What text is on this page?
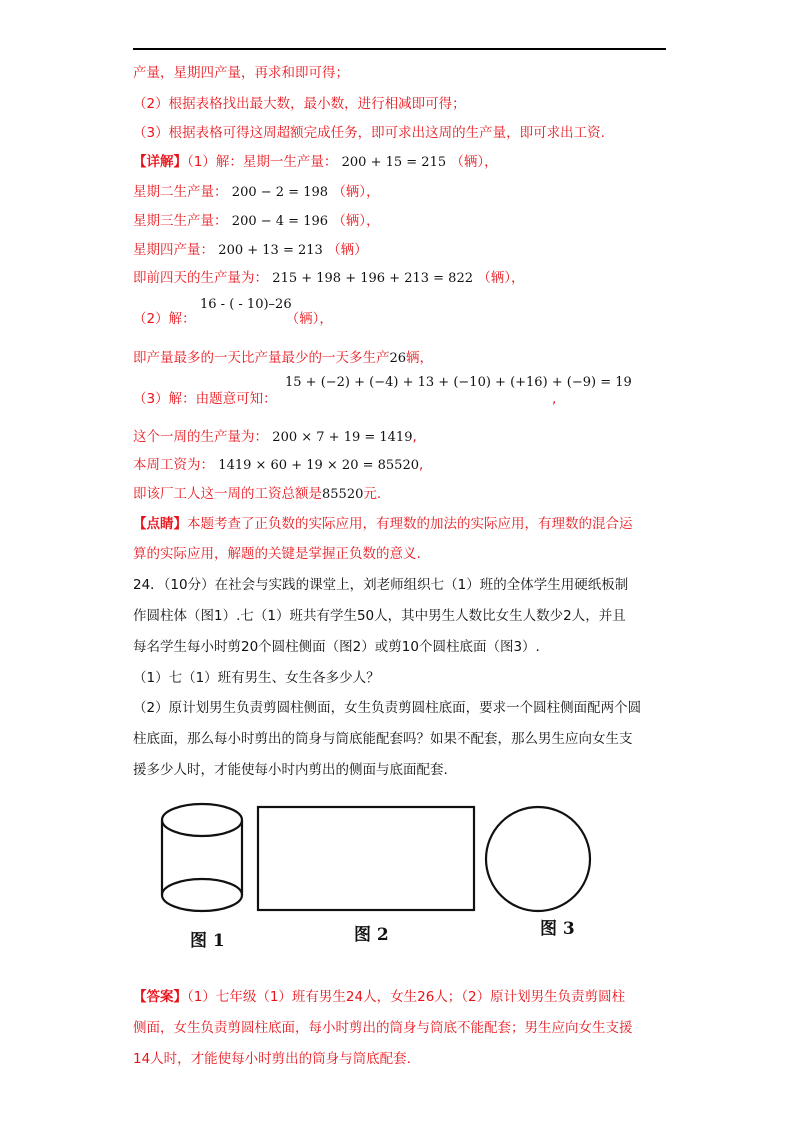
产量，星期四产量，再求和即可得；
（2）根据表格找出最大数，最小数，进行相减即可得；
（3）根据表格可得这周超额完成任务，即可求出这周的生产量，即可求出工资.
【详解】（1）解：星期一生产量： 200 + 15 = 215 （辆），
星期二生产量： 200 − 2 = 198 （辆），
星期三生产量： 200 − 4 = 196 （辆），
星期四产量： 200 + 13 = 213 （辆）
即前四天的生产量为： 215 + 198 + 196 + 213 = 822 （辆），
16 - ( - 10)–26
（2）解：	（辆），
即产量最多的一天比产量最少的一天多生产26辆，
15 + (−2) + (−4) + 13 + (−10) + (+16) + (−9) = 19
（3）解：由题意可知：	,
这个一周的生产量为： 200 × 7 + 19 = 1419,
本周工资为： 1419 × 60 + 19 × 20 = 85520,
即该厂工人这一周的工资总额是85520元.
【点睛】本题考查了正负数的实际应用，有理数的加法的实际应用，有理数的混合运
算的实际应用，解题的关键是掌握正负数的意义.
24．（10分）在社会与实践的课堂上，刘老师组织七（1）班的全体学生用硬纸板制
作圆柱体（图1）.七（1）班共有学生50人，其中男生人数比女生人数少2人，并且
每名学生每小时剪20个圆柱侧面（图2）或剪10个圆柱底面（图3）.
（1）七（1）班有男生、女生各多少人？
（2）原计划男生负责剪圆柱侧面，女生负责剪圆柱底面，要求一个圆柱侧面配两个圆
柱底面，那么每小时剪出的筒身与筒底能配套吗？如果不配套，那么男生应向女生支
援多少人时，才能使每小时内剪出的侧面与底面配套.
图 1	图 2	图 3
【答案】（1）七年级（1）班有男生24人，女生26人；（2）原计划男生负责剪圆柱
侧面，女生负责剪圆柱底面，每小时剪出的筒身与筒底不能配套；男生应向女生支援
14人时，才能使每小时剪出的筒身与筒底配套.
